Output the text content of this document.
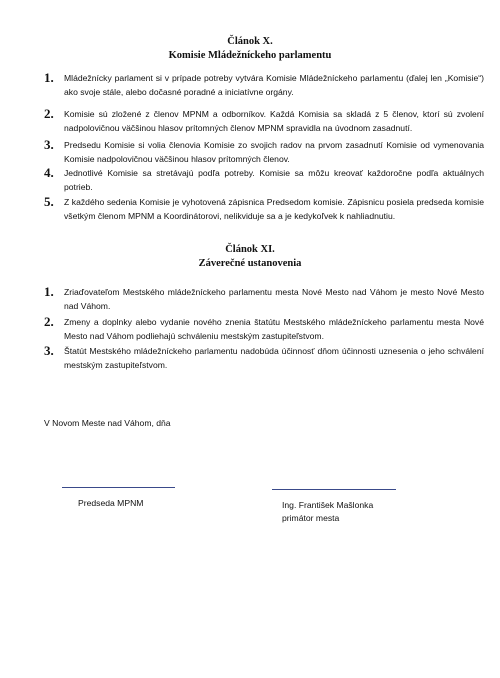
Článok X.
Komisie Mládežníckeho parlamentu
1. Mládežnícky parlament si v prípade potreby vytvára Komisie Mládežníckeho parlamentu (ďalej len „Komisie“) ako svoje stále, alebo dočasné poradné a iniciatívne orgány.
2. Komisie sú zložené z členov MPNM a odborníkov. Každá Komisia sa skladá z 5 členov, ktorí sú zvolení nadpolovičnou väčšinou hlasov prítomných členov MPNM spravidla na úvodnom zasadnutí.
3. Predsedu Komisie si volia členovia Komisie zo svojich radov na prvom zasadnutí Komisie od vymenovania Komisie nadpolovičnou väčšinou hlasov prítomných členov.
4. Jednotlivé Komisie sa stretávajú podľa potreby. Komisie sa môžu kreovať každoročne podľa aktuálnych potrieb.
5. Z každého sedenia Komisie je vyhotovená zápisnica Predsedom komisie. Zápisnicu posiela predseda komisie všetkým členom MPNM a Koordinátorovi, nelikviduje sa a je kedykoľvek k nahliadnutiu.
Článok XI.
Záverečné ustanovenia
1. Zriaďovateľom Mestského mládežníckeho parlamentu mesta Nové Mesto nad Váhom je mesto Nové Mesto nad Váhom.
2. Zmeny a doplnky alebo vydanie nového znenia štatútu Mestského mládežníckeho parlamentu mesta Nové Mesto nad Váhom podliehajú schváleniu mestským zastupiteľstvom.
3. Štatút Mestského mládežníckeho parlamentu nadobúda účinnosť dňom účinnosti uznesenia o jeho schválení mestským zastupiteľstvom.
V Novom Meste nad Váhom, dňa
Predseda MPNM	Ing. František Mašlonka
primátor mesta
